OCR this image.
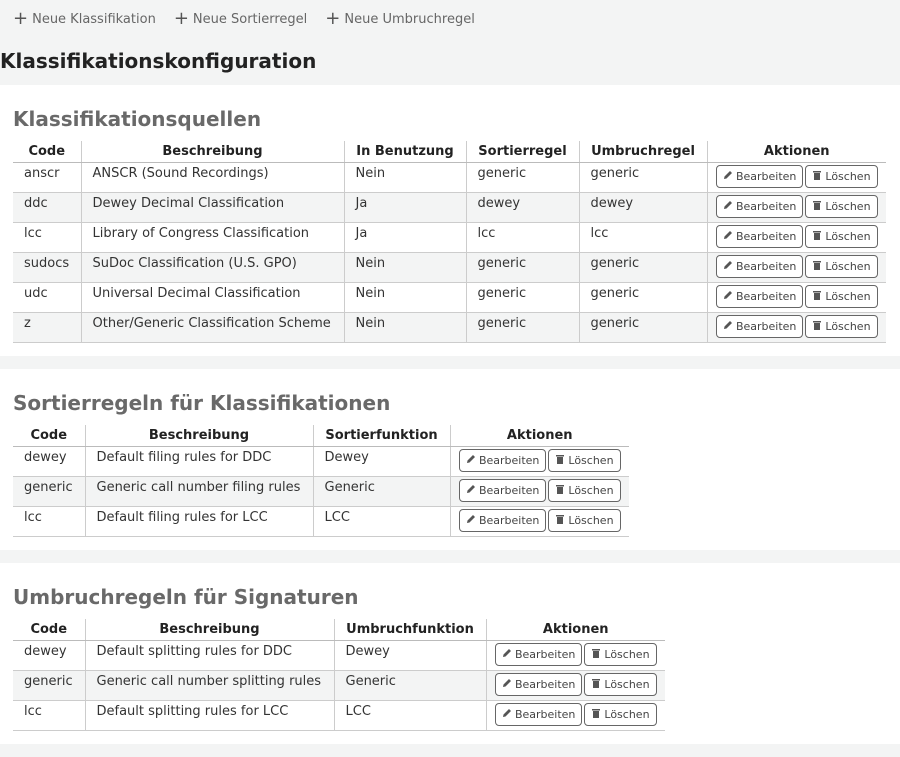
+ Neue Klassifikation + Neue Sortierregel + Neue Umbruchregel
Klassifikationskonfiguration
Klassifikationsquellen
Code	Beschreibung	In Benutzung	Sortierregel	Umbruchregel	Aktionen
anscr	ANSCR (Sound Recordings)	Nein	generic	generic	Bearbeiten Löschen

ddc	Dewey Decimal Classification	Ja	dewey	dewey	Bearbeiten Löschen

lcc	Library of Congress Classification	Ja	lcc	lcc	Bearbeiten Löschen

sudocs	SuDoc Classification (U.S. GPO)	Nein	generic	generic	Bearbeiten Löschen

udc	Universal Decimal Classification	Nein	generic	generic	Bearbeiten Löschen

z	Other/Generic Classification Scheme	Nein	generic	generic	Bearbeiten Löschen
Sortierregeln für Klassifikationen
Code	Beschreibung	Sortierfunktion	Aktionen
dewey	Default filing rules for DDC	Dewey	Bearbeiten Löschen

generic	Generic call number filing rules	Generic	Bearbeiten Löschen

lcc	Default filing rules for LCC	LCC	Bearbeiten Löschen
Umbruchregeln für Signaturen
Code	Beschreibung	Umbruchfunktion	Aktionen
dewey	Default splitting rules for DDC	Dewey	Bearbeiten Löschen

generic	Generic call number splitting rules	Generic	Bearbeiten Löschen

lcc	Default splitting rules for LCC	LCC	Bearbeiten Löschen
